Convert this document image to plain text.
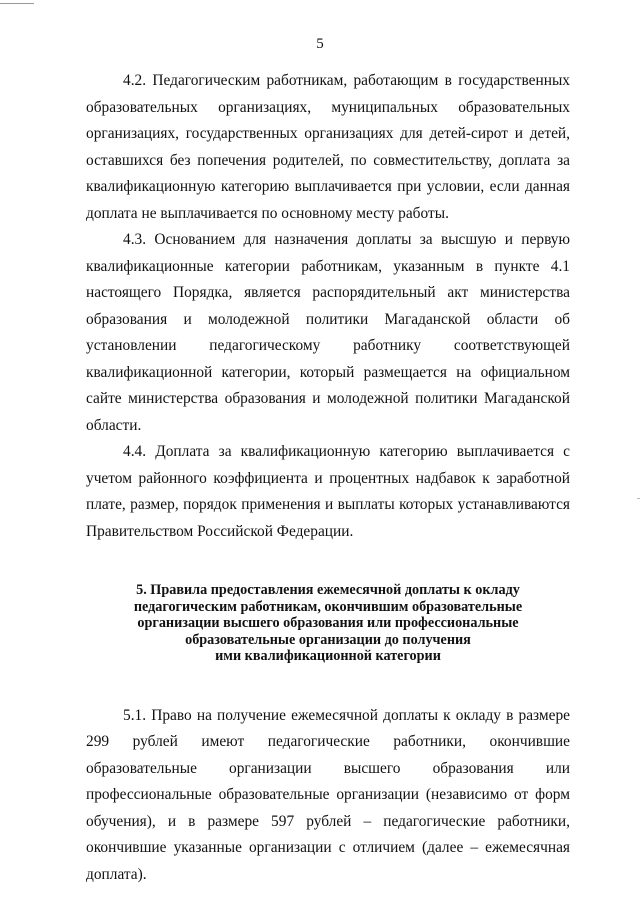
5

4.2. Педагогическим работникам, работающим в государственных образовательных организациях, муниципальных образовательных организациях, государственных организациях для детей-сирот и детей, оставшихся без попечения родителей, по совместительству, доплата за квалификационную категорию выплачивается при условии, если данная доплата не выплачивается по основному месту работы.

4.3. Основанием для назначения доплаты за высшую и первую квалификационные категории работникам, указанным в пункте 4.1 настоящего Порядка, является распорядительный акт министерства образования и молодежной политики Магаданской области об установлении педагогическому работнику соответствующей квалификационной категории, который размещается на официальном сайте министерства образования и молодежной политики Магаданской области.

4.4. Доплата за квалификационную категорию выплачивается с учетом районного коэффициента и процентных надбавок к заработной плате, размер, порядок применения и выплаты которых устанавливаются Правительством Российской Федерации.

5. Правила предоставления ежемесячной доплаты к окладу
педагогическим работникам, окончившим образовательные
организации высшего образования или профессиональные
образовательные организации до получения
ими квалификационной категории

5.1. Право на получение ежемесячной доплаты к окладу в размере 299 рублей имеют педагогические работники, окончившие образовательные организации высшего образования или профессиональные образовательные организации (независимо от форм обучения), и в размере 597 рублей – педагогические работники, окончившие указанные организации с отличием (далее – ежемесячная доплата).
